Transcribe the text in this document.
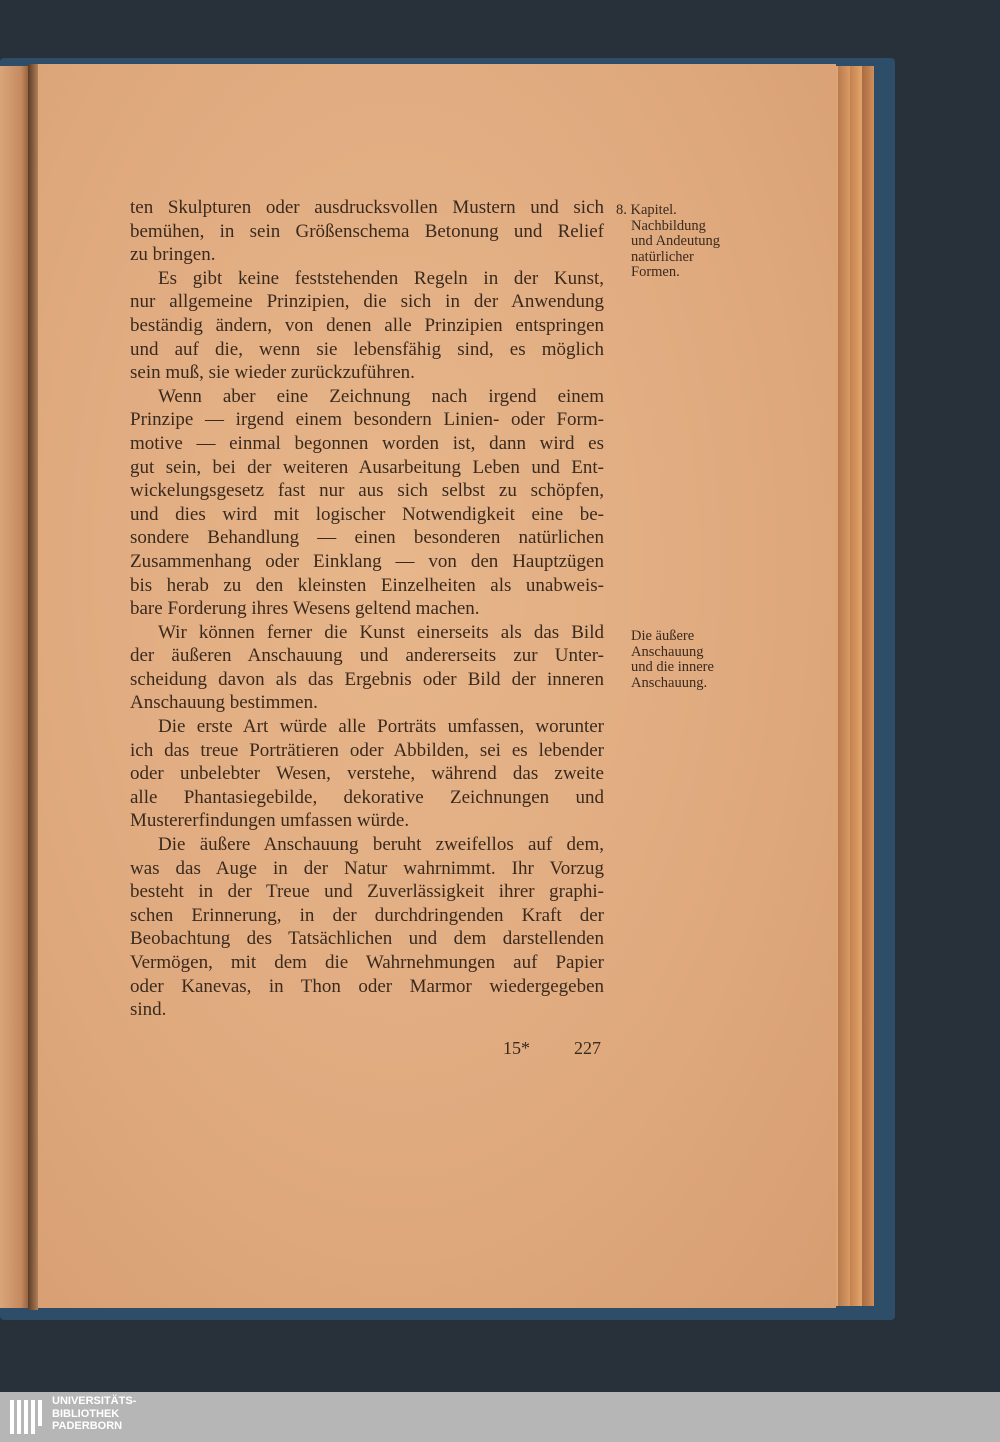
ten Skulpturen oder ausdrucksvollen Mustern und sich
bemühen, in sein Größenschema Betonung und Relief
zu bringen.
Es gibt keine feststehenden Regeln in der Kunst,
nur allgemeine Prinzipien, die sich in der Anwendung
beständig ändern, von denen alle Prinzipien entspringen
und auf die, wenn sie lebensfähig sind, es möglich
sein muß, sie wieder zurückzuführen.
Wenn aber eine Zeichnung nach irgend einem
Prinzipe — irgend einem besondern Linien- oder Form-
motive — einmal begonnen worden ist, dann wird es
gut sein, bei der weiteren Ausarbeitung Leben und Ent-
wickelungsgesetz fast nur aus sich selbst zu schöpfen,
und dies wird mit logischer Notwendigkeit eine be-
sondere Behandlung — einen besonderen natürlichen
Zusammenhang oder Einklang — von den Hauptzügen
bis herab zu den kleinsten Einzelheiten als unabweis-
bare Forderung ihres Wesens geltend machen.
Wir können ferner die Kunst einerseits als das Bild
der äußeren Anschauung und andererseits zur Unter-
scheidung davon als das Ergebnis oder Bild der inneren
Anschauung bestimmen.
Die erste Art würde alle Porträts umfassen, worunter
ich das treue Porträtieren oder Abbilden, sei es lebender
oder unbelebter Wesen, verstehe, während das zweite
alle Phantasiegebilde, dekorative Zeichnungen und
Mustererfindungen umfassen würde.
Die äußere Anschauung beruht zweifellos auf dem,
was das Auge in der Natur wahrnimmt. Ihr Vorzug
besteht in der Treue und Zuverlässigkeit ihrer graphi-
schen Erinnerung, in der durchdringenden Kraft der
Beobachtung des Tatsächlichen und dem darstellenden
Vermögen, mit dem die Wahrnehmungen auf Papier
oder Kanevas, in Thon oder Marmor wiedergegeben
sind.
8. Kapitel.
Nachbildung
und Andeutung
natürlicher
Formen.
Die äußere
Anschauung
und die innere
Anschauung.
15* 227
UNIVERSITÄTS-
BIBLIOTHEK
PADERBORN
